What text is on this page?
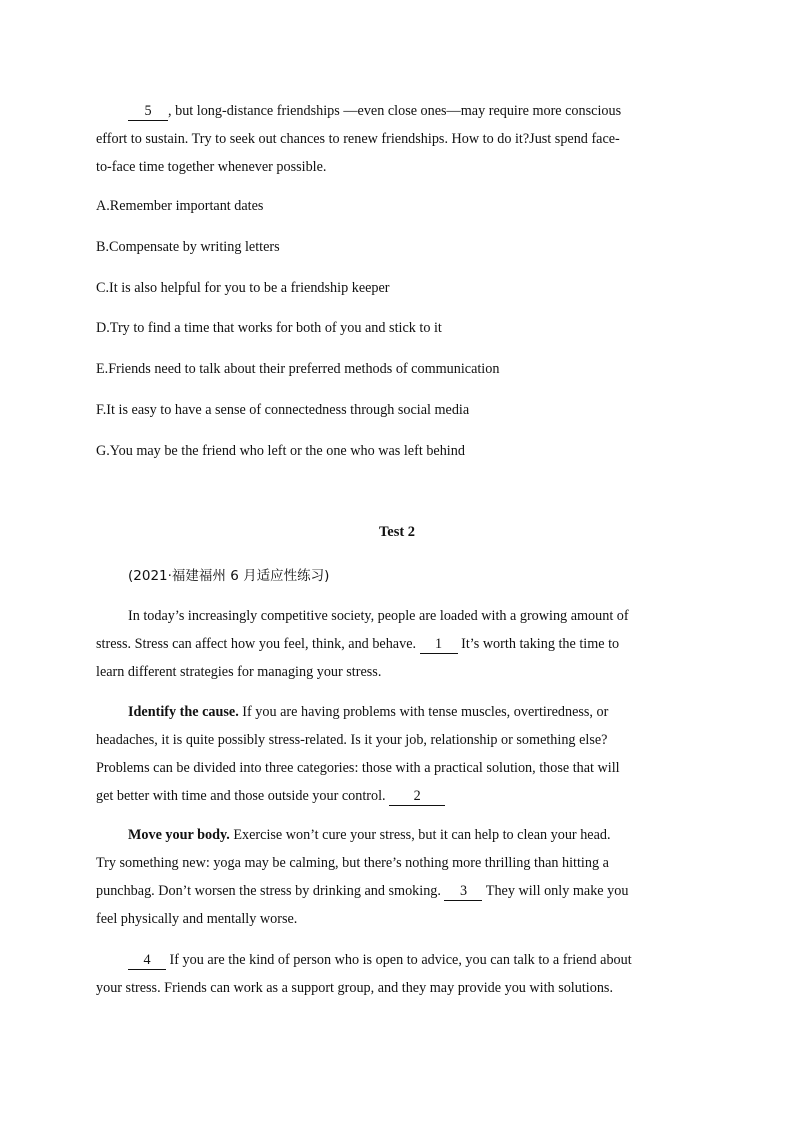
5 , but long-distance friendships —even close ones—may require more conscious
effort to sustain. Try to seek out chances to renew friendships. How to do it?Just spend face-
to-face time together whenever possible.

A.Remember important dates

B.Compensate by writing letters

C.It is also helpful for you to be a friendship keeper

D.Try to find a time that works for both of you and stick to it

E.Friends need to talk about their preferred methods of communication

F.It is easy to have a sense of connectedness through social media

G.You may be the friend who left or the one who was left behind

Test 2

(2021·福建福州 6 月适应性练习)

In today’s increasingly competitive society, people are loaded with a growing amount of
stress. Stress can affect how you feel, think, and behave. 1 It’s worth taking the time to
learn different strategies for managing your stress.
Identify the cause. If you are having problems with tense muscles, overtiredness, or
headaches, it is quite possibly stress-related. Is it your job, relationship or something else?
Problems can be divided into three categories: those with a practical solution, those that will
get better with time and those outside your control. 2
Move your body. Exercise won’t cure your stress, but it can help to clean your head.
Try something new: yoga may be calming, but there’s nothing more thrilling than hitting a
punchbag. Don’t worsen the stress by drinking and smoking. 3 They will only make you
feel physically and mentally worse.
4 If you are the kind of person who is open to advice, you can talk to a friend about
your stress. Friends can work as a support group, and they may provide you with solutions.
